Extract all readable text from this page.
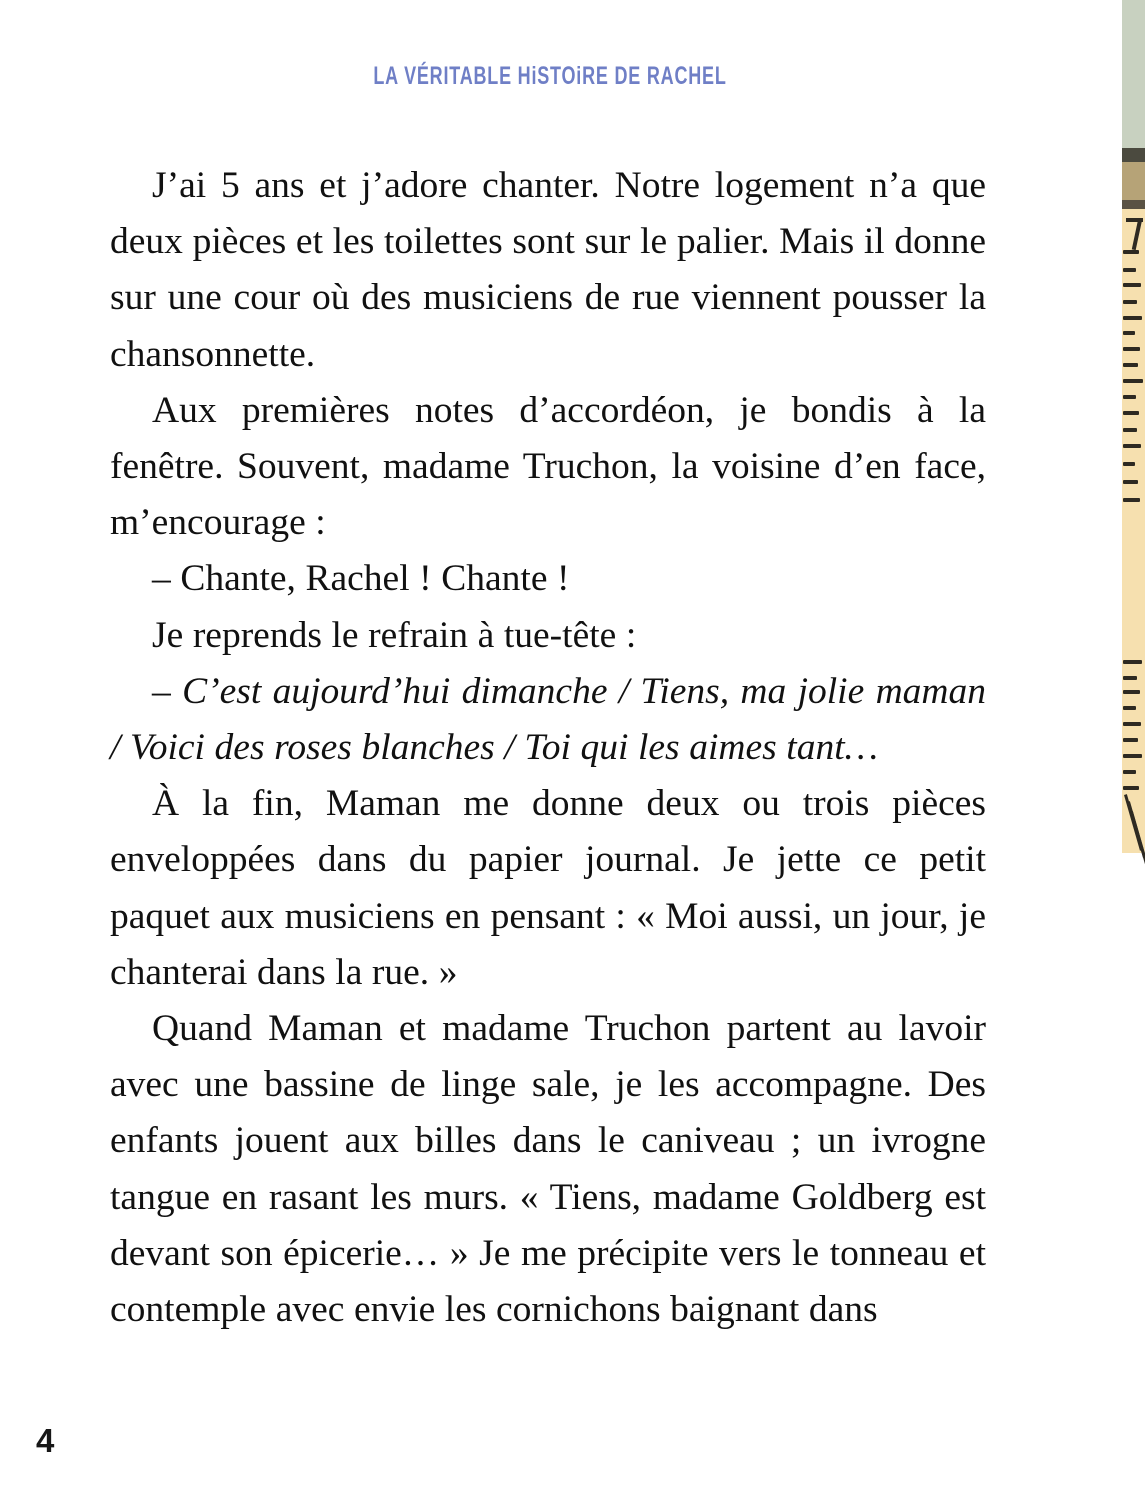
LA VÉRITABLE HiSTOiRE DE RACHEL

J’ai 5 ans et j’adore chanter. Notre logement n’a que deux pièces et les toilettes sont sur le palier. Mais il donne sur une cour où des musiciens de rue viennent pousser la chansonnette.

Aux premières notes d’accordéon, je bondis à la fenêtre. Souvent, madame Truchon, la voisine d’en face, m’encourage :

– Chante, Rachel ! Chante !

Je reprends le refrain à tue-tête :

– C’est aujourd’hui dimanche / Tiens, ma jolie maman / Voici des roses blanches / Toi qui les aimes tant…

À la fin, Maman me donne deux ou trois pièces enveloppées dans du papier journal. Je jette ce petit paquet aux musiciens en pensant : « Moi aussi, un jour, je chanterai dans la rue. »

Quand Maman et madame Truchon partent au lavoir avec une bassine de linge sale, je les accompagne. Des enfants jouent aux billes dans le caniveau ; un ivrogne tangue en rasant les murs. « Tiens, madame Goldberg est devant son épicerie… » Je me précipite vers le tonneau et contemple avec envie les cornichons baignant dans

4
